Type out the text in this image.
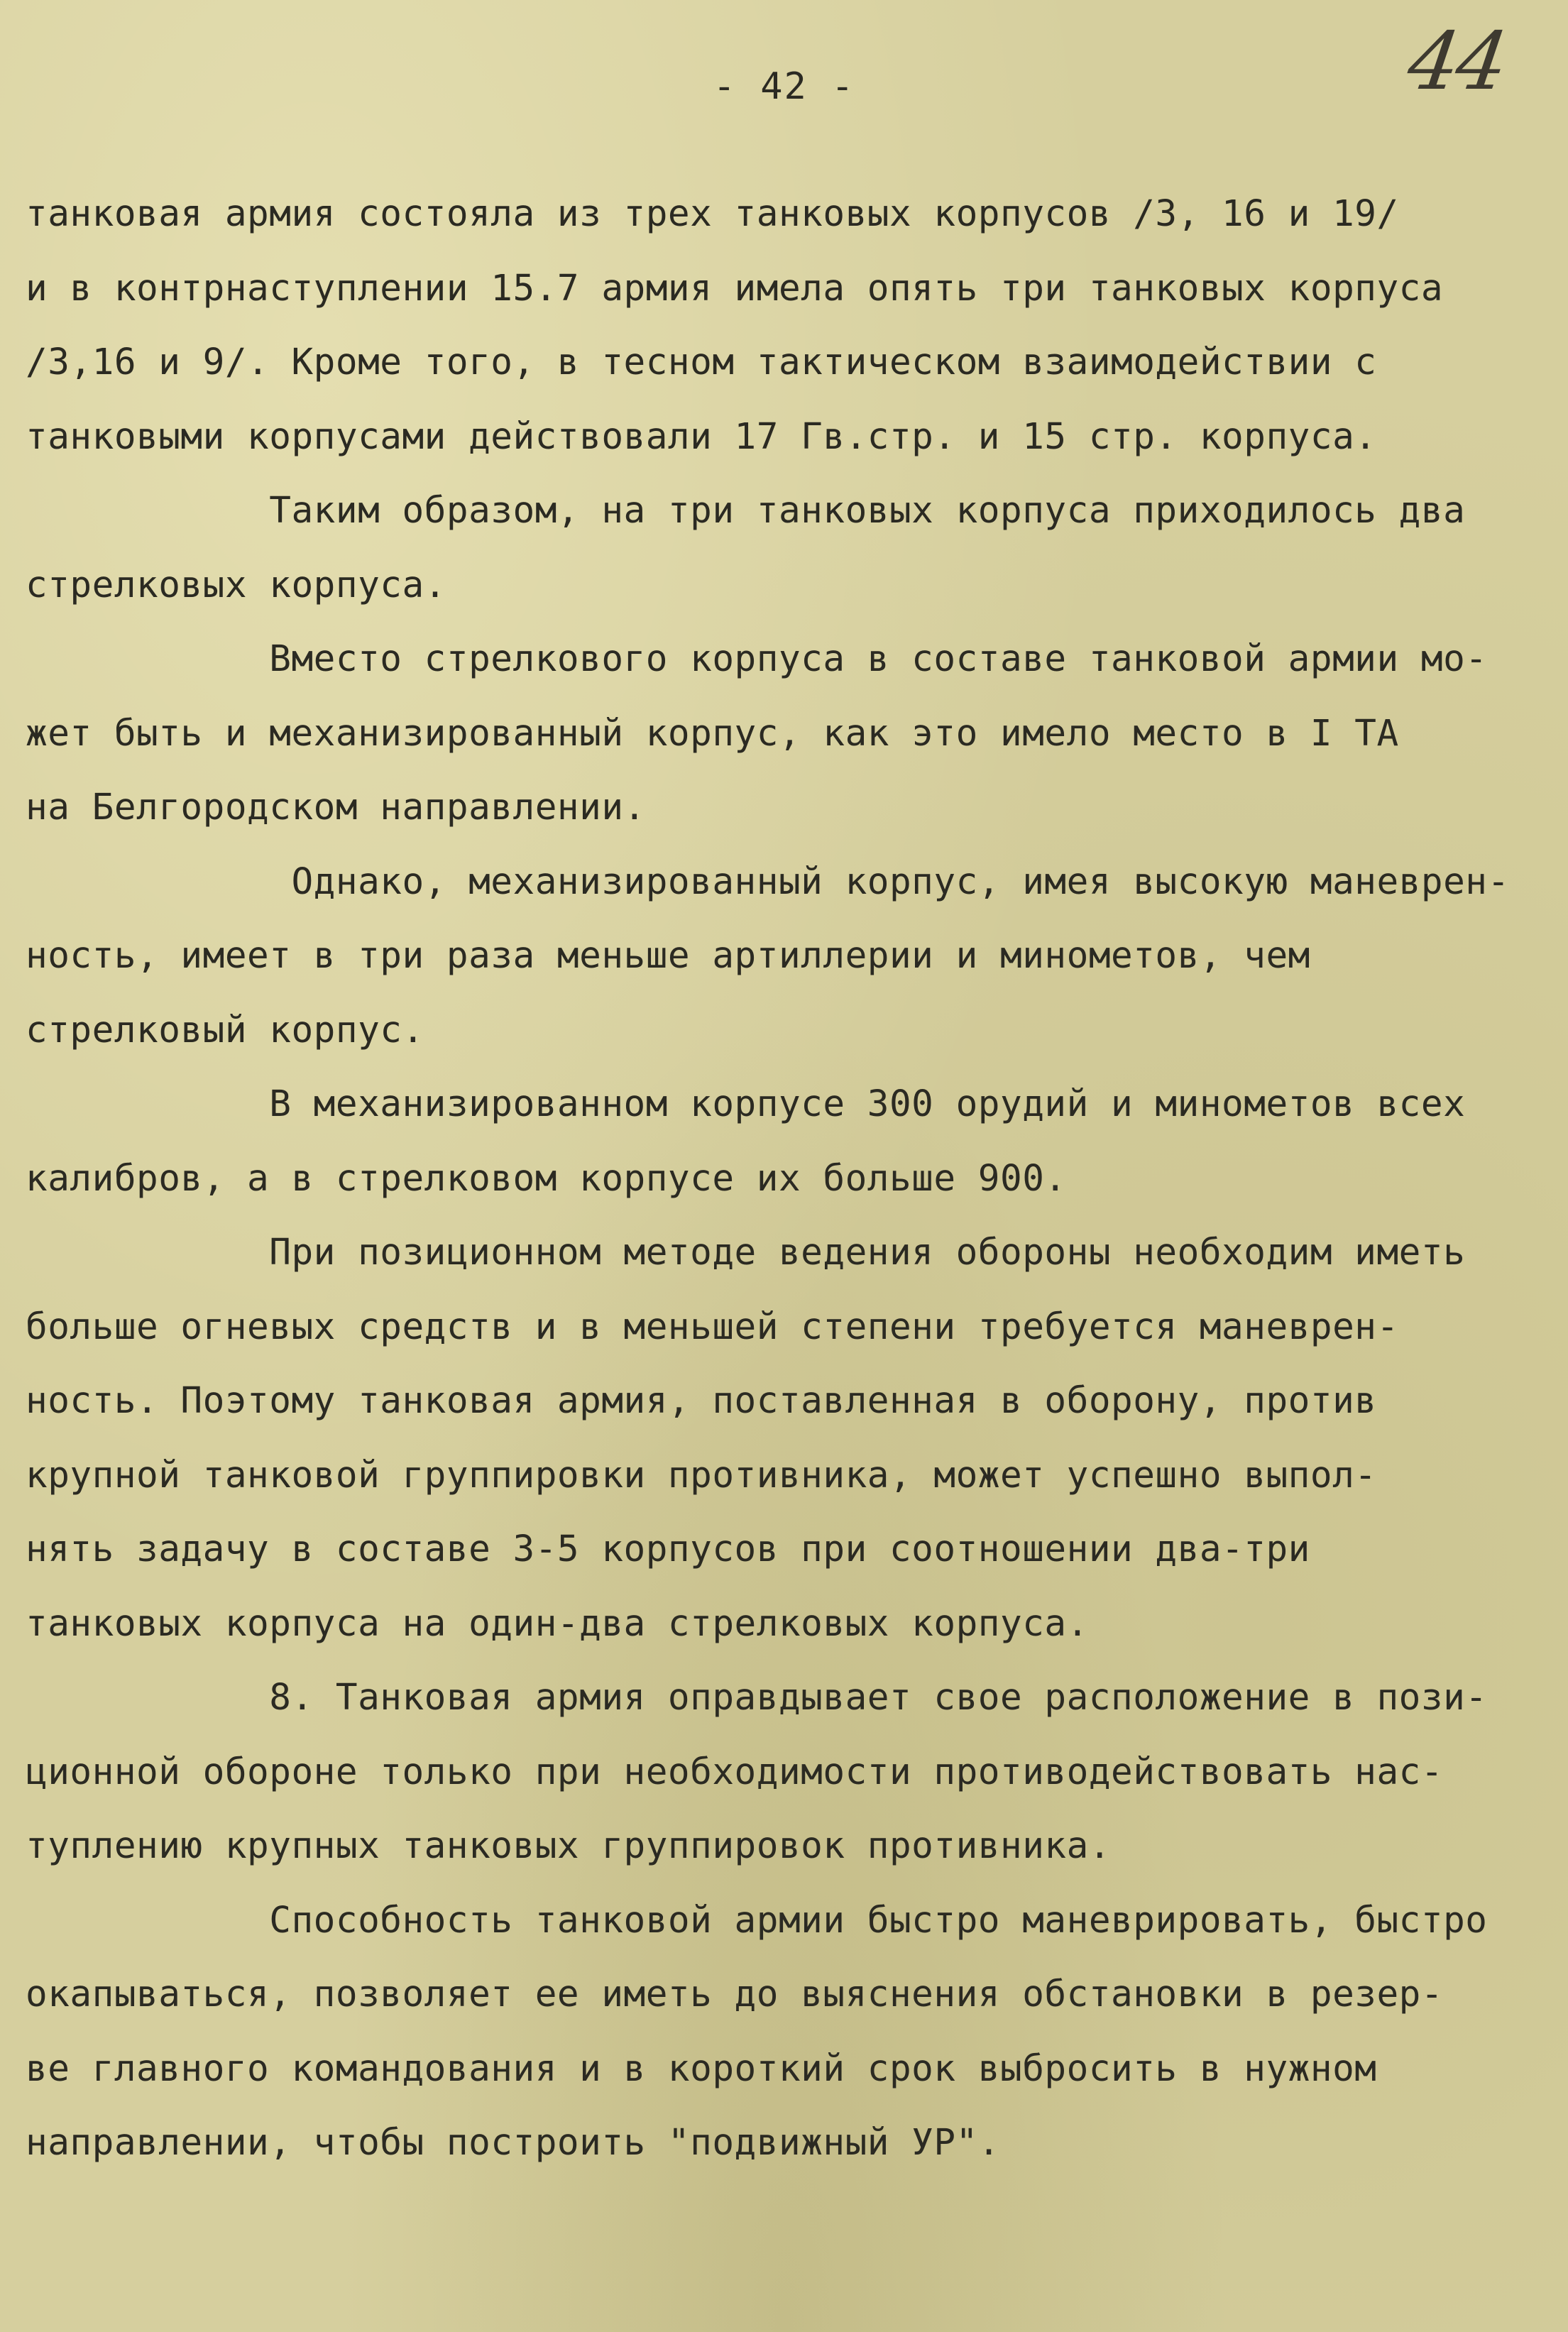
- 42 -	44
танковая армия состояла из трех танковых корпусов /3, 16 и 19/
и в контрнаступлении 15.7 армия имела опять три танковых корпуса
/3,16 и 9/. Кроме того, в тесном тактическом взаимодействии с
танковыми корпусами действовали 17 Гв.стр. и 15 стр. корпуса.
Таким образом, на три танковых корпуса приходилось два
стрелковых корпуса.
Вместо стрелкового корпуса в составе танковой армии мо-
жет быть и механизированный корпус, как это имело место в I ТА
на Белгородском направлении.
Однако, механизированный корпус, имея высокую маневрен-
ность, имеет в три раза меньше артиллерии и минометов, чем
стрелковый корпус.
В механизированном корпусе 300 орудий и минометов всех
калибров, а в стрелковом корпусе их больше 900.
При позиционном методе ведения обороны необходим иметь
больше огневых средств и в меньшей степени требуется маневрен-
ность. Поэтому танковая армия, поставленная в оборону, против
крупной танковой группировки противника, может успешно выпол-
нять задачу в составе 3-5 корпусов при соотношении два-три
танковых корпуса на один-два стрелковых корпуса.
8. Танковая армия оправдывает свое расположение в пози-
ционной обороне только при необходимости противодействовать нас-
туплению крупных танковых группировок противника.
Способность танковой армии быстро маневрировать, быстро
окапываться, позволяет ее иметь до выяснения обстановки в резер-
ве главного командования и в короткий срок выбросить в нужном
направлении, чтобы построить "подвижный УР".
